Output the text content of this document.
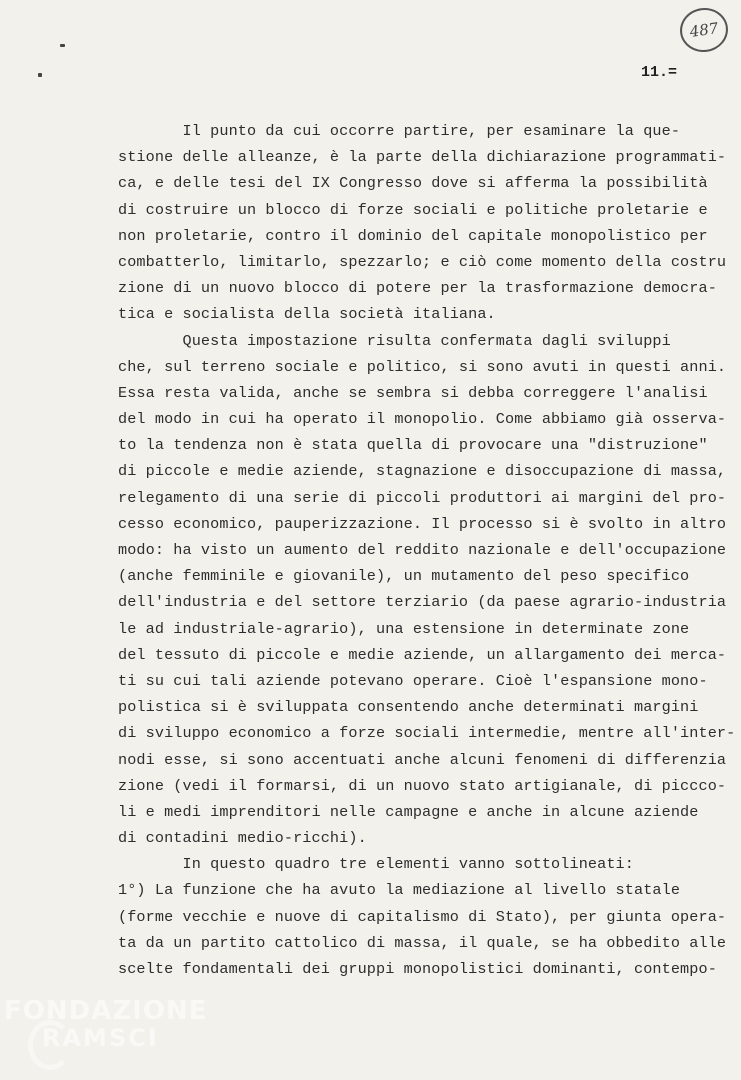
487
11.=
Il punto da cui occorre partire, per esaminare la que-
stione delle alleanze, è la parte della dichiarazione programmati-
ca, e delle tesi del IX Congresso dove si afferma la possibilità
di costruire un blocco di forze sociali e politiche proletarie e
non proletarie, contro il dominio del capitale monopolistico per
combatterlo, limitarlo, spezzarlo; e ciò come momento della costru
zione di un nuovo blocco di potere per la trasformazione democra-
tica e socialista della società italiana.
Questa impostazione risulta confermata dagli sviluppi
che, sul terreno sociale e politico, si sono avuti in questi anni.
Essa resta valida, anche se sembra si debba correggere l'analisi
del modo in cui ha operato il monopolio. Come abbiamo già osserva-
to la tendenza non è stata quella di provocare una "distruzione"
di piccole e medie aziende, stagnazione e disoccupazione di massa,
relegamento di una serie di piccoli produttori ai margini del pro-
cesso economico, pauperizzazione. Il processo si è svolto in altro
modo: ha visto un aumento del reddito nazionale e dell'occupazione
(anche femminile e giovanile), un mutamento del peso specifico
dell'industria e del settore terziario (da paese agrario-industria
le ad industriale-agrario), una estensione in determinate zone
del tessuto di piccole e medie aziende, un allargamento dei merca-
ti su cui tali aziende potevano operare. Cioè l'espansione mono-
polistica si è sviluppata consentendo anche determinati margini
di sviluppo economico a forze sociali intermedie, mentre all'inter-
nodi esse, si sono accentuati anche alcuni fenomeni di differenzia
zione (vedi il formarsi, di un nuovo stato artigianale, di piccco-
li e medi imprenditori nelle campagne e anche in alcune aziende
di contadini medio-ricchi).
In questo quadro tre elementi vanno sottolineati:
1°) La funzione che ha avuto la mediazione al livello statale
(forme vecchie e nuove di capitalismo di Stato), per giunta opera-
ta da un partito cattolico di massa, il quale, se ha obbedito alle
scelte fondamentali dei gruppi monopolistici dominanti, contempo-
FONDAZIONE
RAMSCI
